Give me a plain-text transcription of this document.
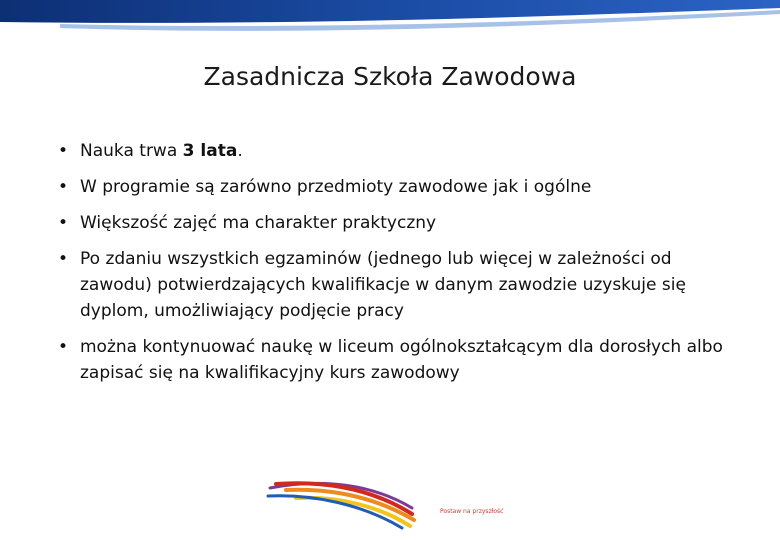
Zasadnicza Szkoła Zawodowa
• Nauka trwa 3 lata.
• W programie są zarówno przedmioty zawodowe jak i ogólne
• Większość zajęć ma charakter praktyczny
• Po zdaniu wszystkich egzaminów (jednego lub więcej w zależności od zawodu) potwierdzających kwalifikacje w danym zawodzie uzyskuje się dyplom, umożliwiający podjęcie pracy
• można kontynuować naukę w liceum ogólnokształcącym dla dorosłych albo zapisać się na kwalifikacyjny kurs zawodowy
Postaw na przyszłość
